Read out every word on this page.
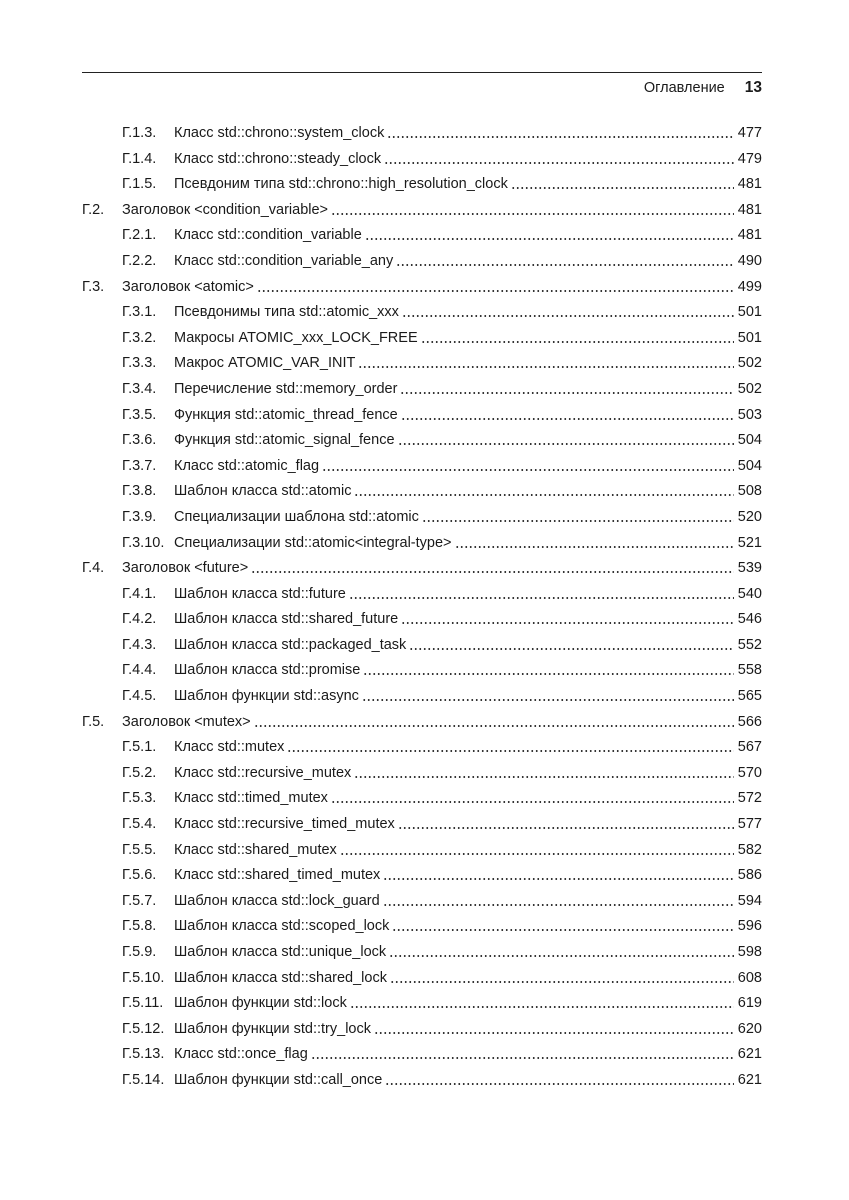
Оглавление 13
Г.1.3. Класс std::chrono::system_clock	477
Г.1.4. Класс std::chrono::steady_clock	479
Г.1.5. Псевдоним типа std::chrono::high_resolution_clock	481
Г.2. Заголовок <condition_variable>	481
Г.2.1. Класс std::condition_variable	481
Г.2.2. Класс std::condition_variable_any	490
Г.3. Заголовок <atomic>	499
Г.3.1. Псевдонимы типа std::atomic_xxx	501
Г.3.2. Макросы ATOMIC_xxx_LOCK_FREE	501
Г.3.3. Макрос ATOMIC_VAR_INIT	502
Г.3.4. Перечисление std::memory_order	502
Г.3.5. Функция std::atomic_thread_fence	503
Г.3.6. Функция std::atomic_signal_fence	504
Г.3.7. Класс std::atomic_flag	504
Г.3.8. Шаблон класса std::atomic	508
Г.3.9. Специализации шаблона std::atomic	520
Г.3.10. Специализации std::atomic<integral-type>	521
Г.4. Заголовок <future>	539
Г.4.1. Шаблон класса std::future	540
Г.4.2. Шаблон класса std::shared_future	546
Г.4.3. Шаблон класса std::packaged_task	552
Г.4.4. Шаблон класса std::promise	558
Г.4.5. Шаблон функции std::async	565
Г.5. Заголовок <mutex>	566
Г.5.1. Класс std::mutex	567
Г.5.2. Класс std::recursive_mutex	570
Г.5.3. Класс std::timed_mutex	572
Г.5.4. Класс std::recursive_timed_mutex	577
Г.5.5. Класс std::shared_mutex	582
Г.5.6. Класс std::shared_timed_mutex	586
Г.5.7. Шаблон класса std::lock_guard	594
Г.5.8. Шаблон класса std::scoped_lock	596
Г.5.9. Шаблон класса std::unique_lock	598
Г.5.10. Шаблон класса std::shared_lock	608
Г.5.11. Шаблон функции std::lock	619
Г.5.12. Шаблон функции std::try_lock	620
Г.5.13. Класс std::once_flag	621
Г.5.14. Шаблон функции std::call_once	621
